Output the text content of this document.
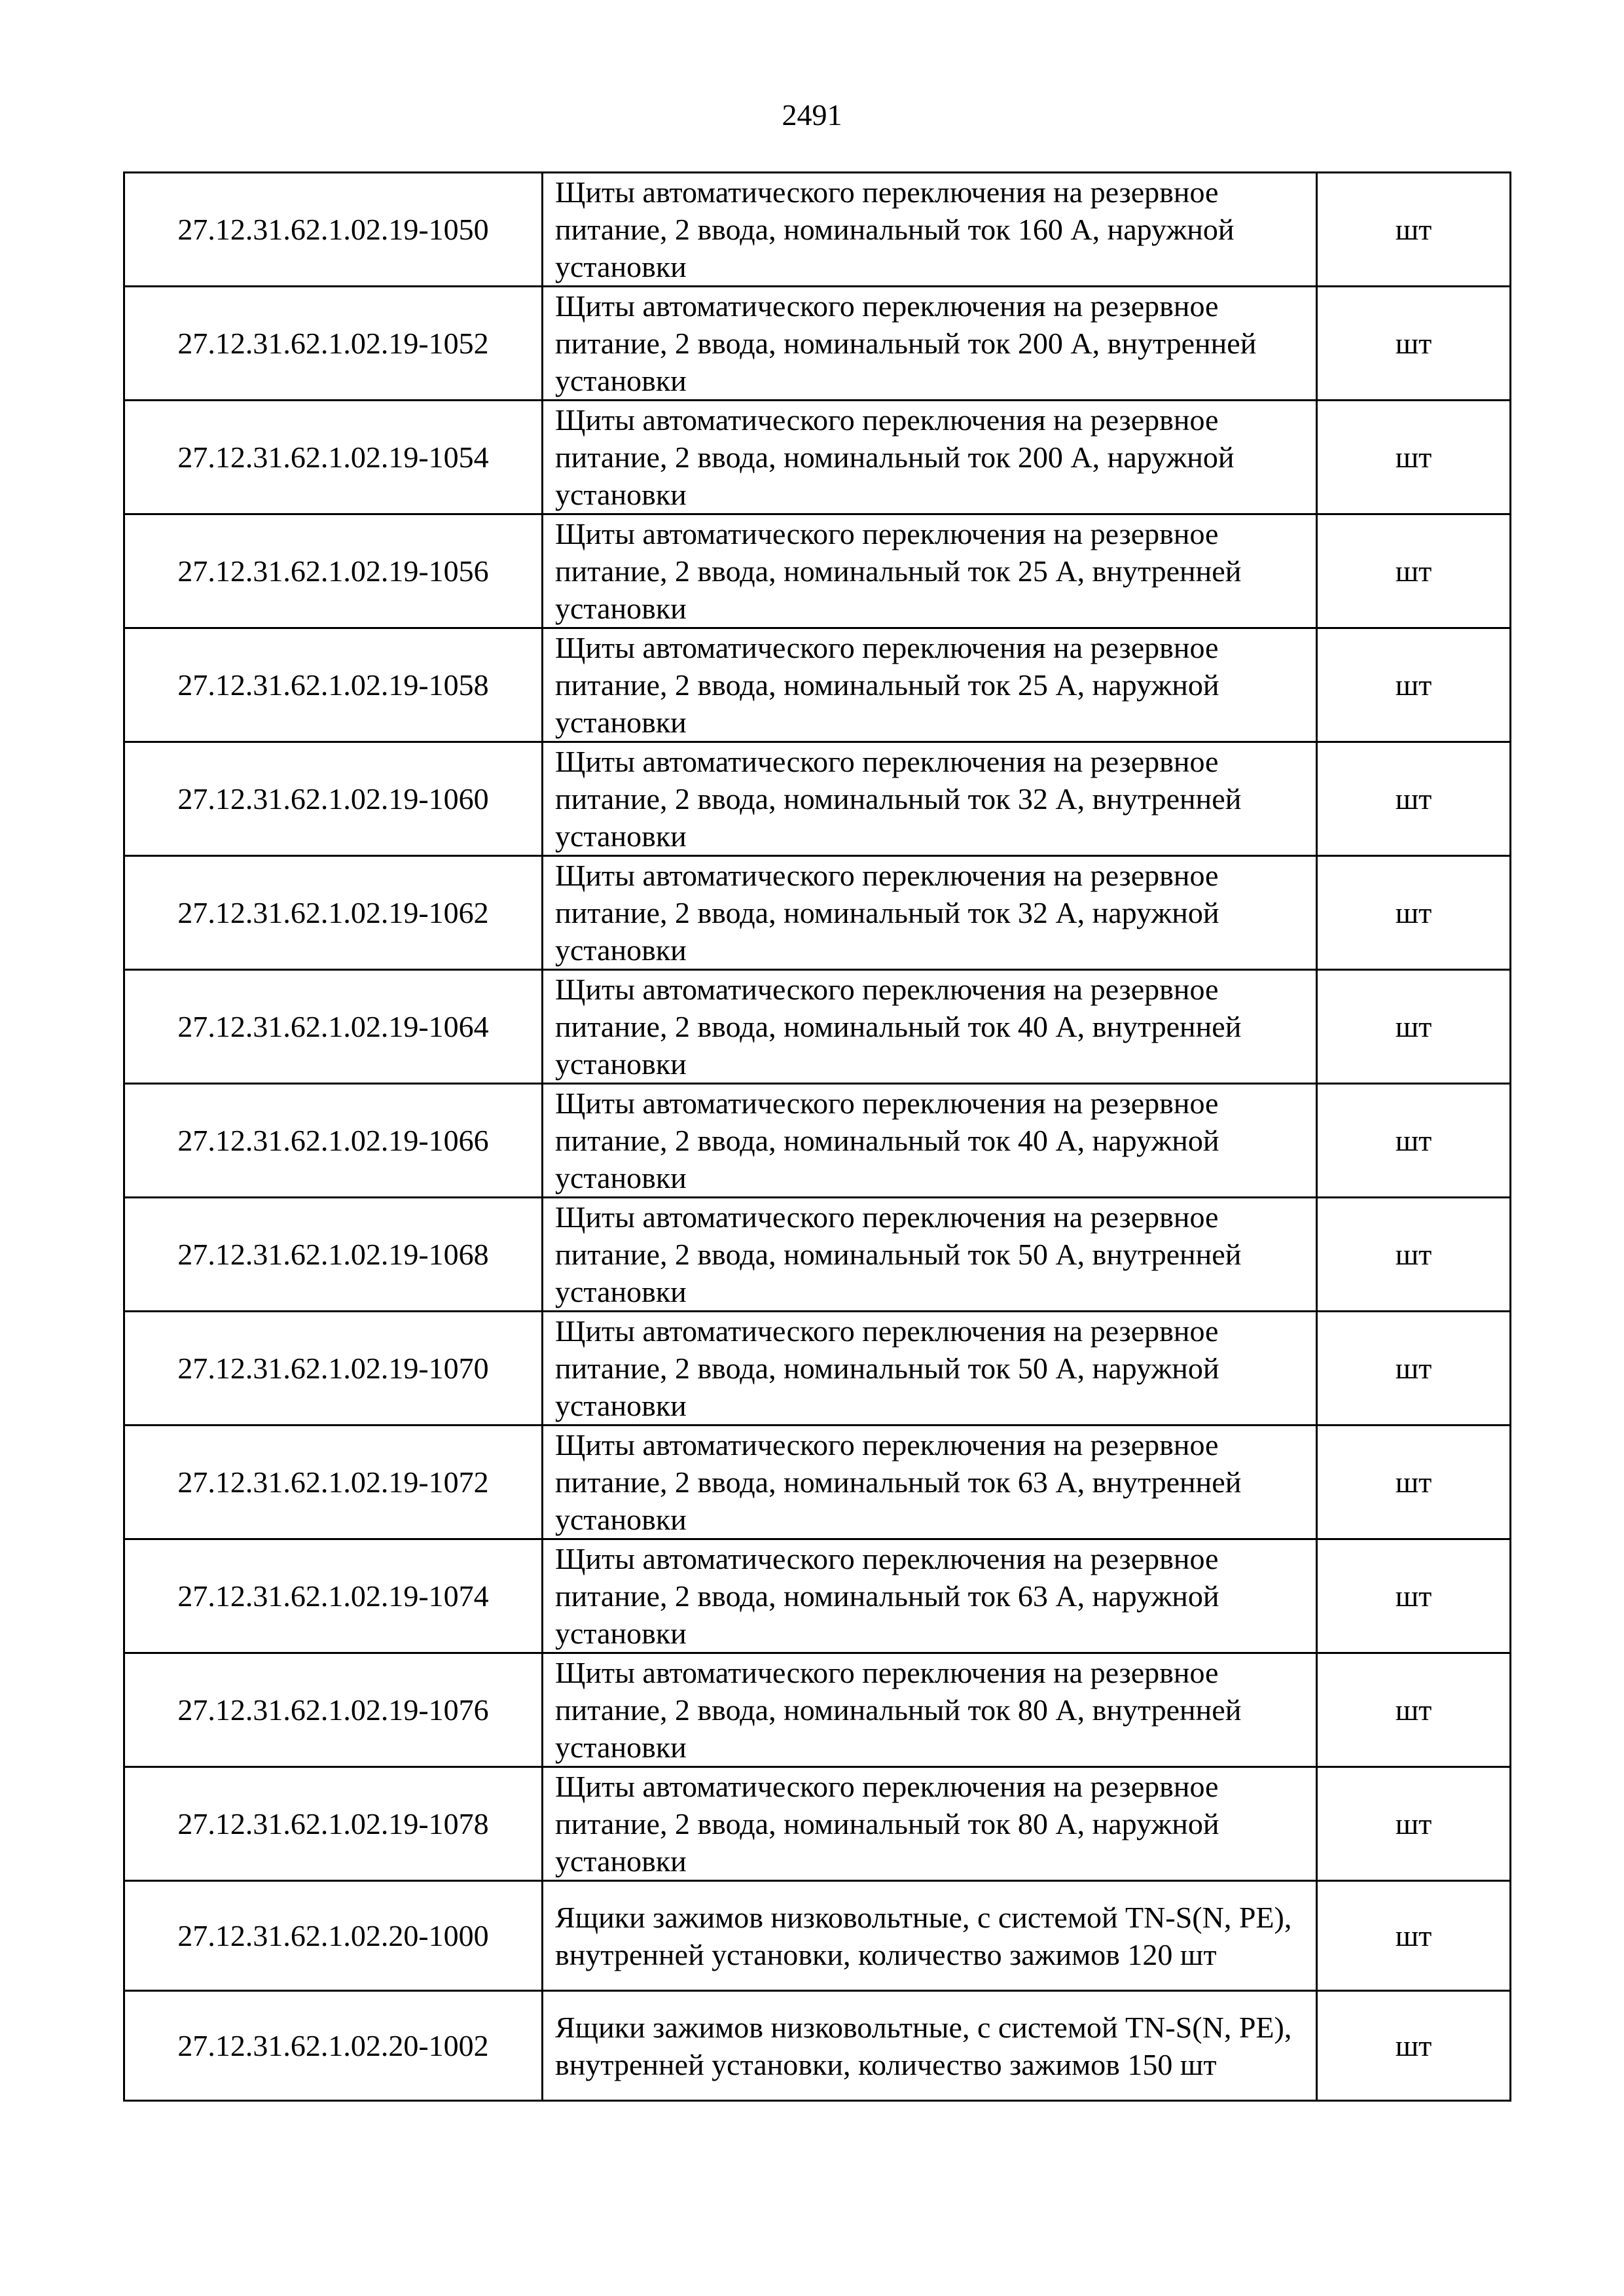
2491
27.12.31.62.1.02.19-1050	Щиты автоматического переключения на резервное питание, 2 ввода, номинальный ток 160 А, наружной установки	шт
27.12.31.62.1.02.19-1052	Щиты автоматического переключения на резервное питание, 2 ввода, номинальный ток 200 А, внутренней установки	шт
27.12.31.62.1.02.19-1054	Щиты автоматического переключения на резервное питание, 2 ввода, номинальный ток 200 А, наружной установки	шт
27.12.31.62.1.02.19-1056	Щиты автоматического переключения на резервное питание, 2 ввода, номинальный ток 25 А, внутренней установки	шт
27.12.31.62.1.02.19-1058	Щиты автоматического переключения на резервное питание, 2 ввода, номинальный ток 25 А, наружной установки	шт
27.12.31.62.1.02.19-1060	Щиты автоматического переключения на резервное питание, 2 ввода, номинальный ток 32 А, внутренней установки	шт
27.12.31.62.1.02.19-1062	Щиты автоматического переключения на резервное питание, 2 ввода, номинальный ток 32 А, наружной установки	шт
27.12.31.62.1.02.19-1064	Щиты автоматического переключения на резервное питание, 2 ввода, номинальный ток 40 А, внутренней установки	шт
27.12.31.62.1.02.19-1066	Щиты автоматического переключения на резервное питание, 2 ввода, номинальный ток 40 А, наружной установки	шт
27.12.31.62.1.02.19-1068	Щиты автоматического переключения на резервное питание, 2 ввода, номинальный ток 50 А, внутренней установки	шт
27.12.31.62.1.02.19-1070	Щиты автоматического переключения на резервное питание, 2 ввода, номинальный ток 50 А, наружной установки	шт
27.12.31.62.1.02.19-1072	Щиты автоматического переключения на резервное питание, 2 ввода, номинальный ток 63 А, внутренней установки	шт
27.12.31.62.1.02.19-1074	Щиты автоматического переключения на резервное питание, 2 ввода, номинальный ток 63 А, наружной установки	шт
27.12.31.62.1.02.19-1076	Щиты автоматического переключения на резервное питание, 2 ввода, номинальный ток 80 А, внутренней установки	шт
27.12.31.62.1.02.19-1078	Щиты автоматического переключения на резервное питание, 2 ввода, номинальный ток 80 А, наружной установки	шт
27.12.31.62.1.02.20-1000	Ящики зажимов низковольтные, с системой TN-S(N, PE), внутренней установки, количество зажимов 120 шт	шт
27.12.31.62.1.02.20-1002	Ящики зажимов низковольтные, с системой TN-S(N, PE), внутренней установки, количество зажимов 150 шт	шт
